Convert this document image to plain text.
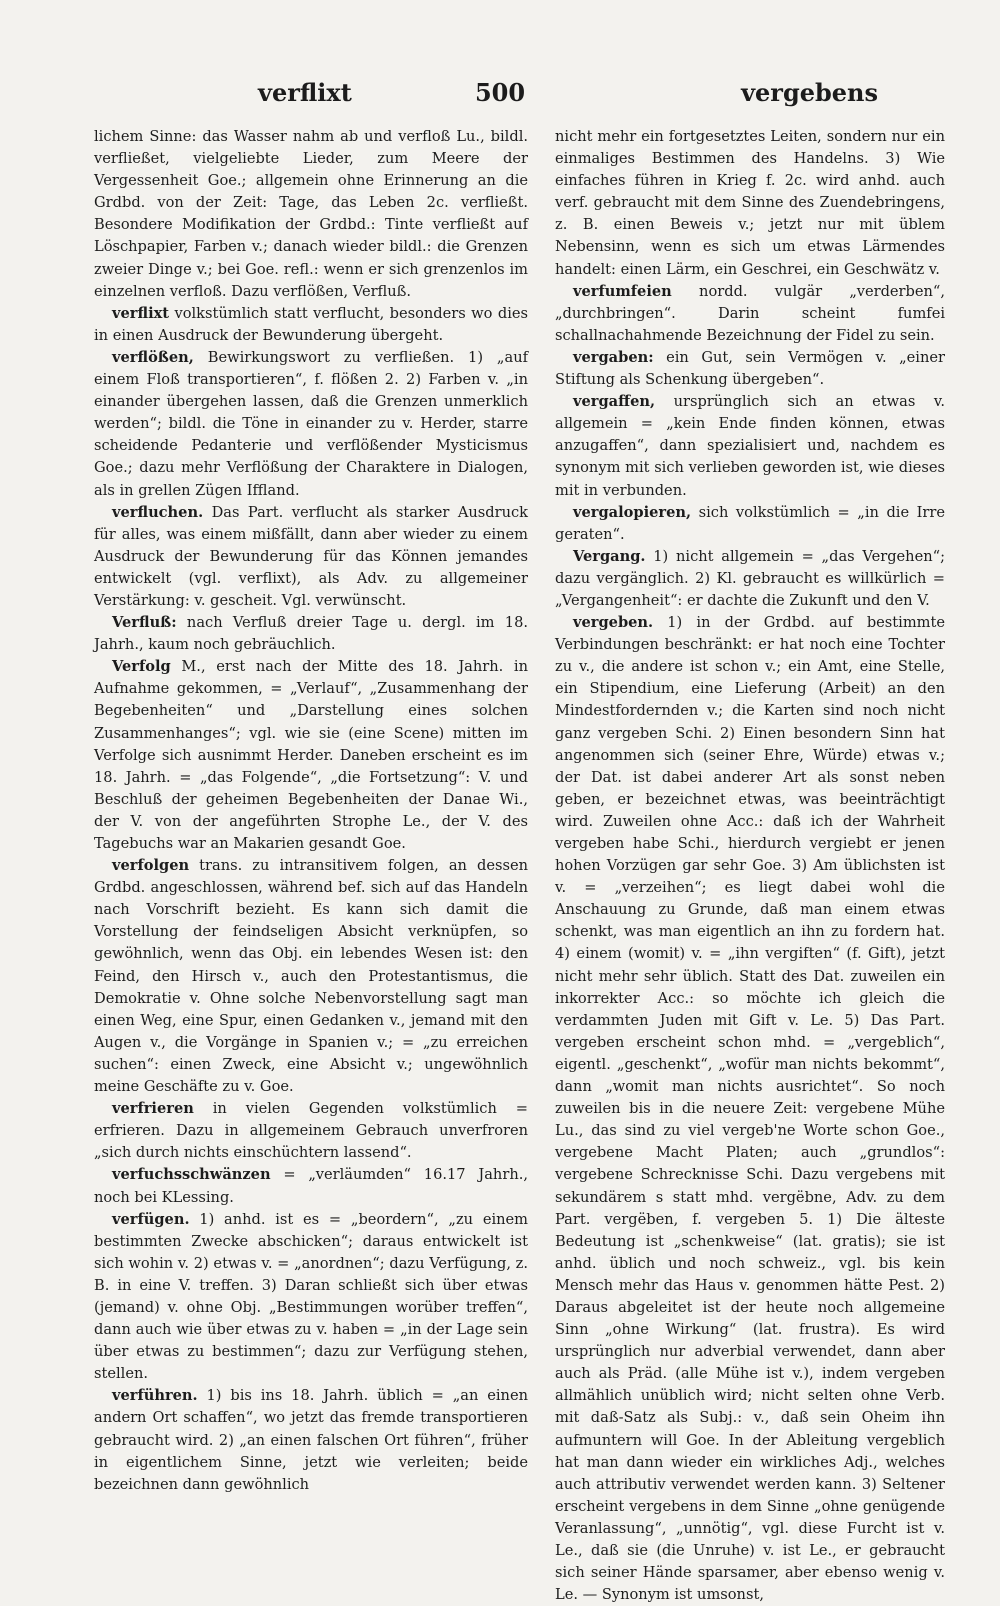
verflixt	500	vergebens

lichem Sinne: das Wasser nahm ab und verfloß Lu., bildl. verfließet, vielgeliebte Lieder, zum Meere der Vergessenheit Goe.; allgemein ohne Erinnerung an die Grdbd. von der Zeit: Tage, das Leben 2c. verfließt. Besondere Modifikation der Grdbd.: Tinte verfließt auf Löschpapier, Farben v.; danach wieder bildl.: die Grenzen zweier Dinge v.; bei Goe. refl.: wenn er sich grenzenlos im einzelnen verfloß. Dazu verflößen, Verfluß.

verflixt volkstümlich statt verflucht, besonders wo dies in einen Ausdruck der Bewunderung übergeht.

verflößen, Bewirkungswort zu verfließen. 1) „auf einem Floß transportieren“, f. flößen 2. 2) Farben v. „in einander übergehen lassen, daß die Grenzen unmerklich werden“; bildl. die Töne in einander zu v. Herder, starre scheidende Pedanterie und verflößender Mysticismus Goe.; dazu mehr Verflößung der Charaktere in Dialogen, als in grellen Zügen Iffland.

verfluchen. Das Part. verflucht als starker Ausdruck für alles, was einem mißfällt, dann aber wieder zu einem Ausdruck der Bewunderung für das Können jemandes entwickelt (vgl. verflixt), als Adv. zu allgemeiner Verstärkung: v. gescheit. Vgl. verwünscht.

Verfluß: nach Verfluß dreier Tage u. dergl. im 18. Jahrh., kaum noch gebräuchlich.

Verfolg M., erst nach der Mitte des 18. Jahrh. in Aufnahme gekommen, = „Verlauf“, „Zusammenhang der Begebenheiten“ und „Darstellung eines solchen Zusammenhanges“; vgl. wie sie (eine Scene) mitten im Verfolge sich ausnimmt Herder. Daneben erscheint es im 18. Jahrh. = „das Folgende“, „die Fortsetzung“: V. und Beschluß der geheimen Begebenheiten der Danae Wi., der V. von der angeführten Strophe Le., der V. des Tagebuchs war an Makarien gesandt Goe.

verfolgen trans. zu intransitivem folgen, an dessen Grdbd. angeschlossen, während bef. sich auf das Handeln nach Vorschrift bezieht. Es kann sich damit die Vorstellung der feindseligen Absicht verknüpfen, so gewöhnlich, wenn das Obj. ein lebendes Wesen ist: den Feind, den Hirsch v., auch den Protestantismus, die Demokratie v. Ohne solche Nebenvorstellung sagt man einen Weg, eine Spur, einen Gedanken v., jemand mit den Augen v., die Vorgänge in Spanien v.; = „zu erreichen suchen“: einen Zweck, eine Absicht v.; ungewöhnlich meine Geschäfte zu v. Goe.

verfrieren in vielen Gegenden volkstümlich = erfrieren. Dazu in allgemeinem Gebrauch unverfroren „sich durch nichts einschüchtern lassend“.

verfuchsschwänzen = „verläumden“ 16.17 Jahrh., noch bei KLessing.

verfügen. 1) anhd. ist es = „beordern“, „zu einem bestimmten Zwecke abschicken“; daraus entwickelt ist sich wohin v. 2) etwas v. = „anordnen“; dazu Verfügung, z. B. in eine V. treffen. 3) Daran schließt sich über etwas (jemand) v. ohne Obj. „Bestimmungen worüber treffen“, dann auch wie über etwas zu v. haben = „in der Lage sein über etwas zu bestimmen“; dazu zur Verfügung stehen, stellen.

verführen. 1) bis ins 18. Jahrh. üblich = „an einen andern Ort schaffen“, wo jetzt das fremde transportieren gebraucht wird. 2) „an einen falschen Ort führen“, früher in eigentlichem Sinne, jetzt wie verleiten; beide bezeichnen dann gewöhnlich

nicht mehr ein fortgesetztes Leiten, sondern nur ein einmaliges Bestimmen des Handelns. 3) Wie einfaches führen in Krieg f. 2c. wird anhd. auch verf. gebraucht mit dem Sinne des Zuendebringens, z. B. einen Beweis v.; jetzt nur mit üblem Nebensinn, wenn es sich um etwas Lärmendes handelt: einen Lärm, ein Geschrei, ein Geschwätz v.

verfumfeien nordd. vulgär „verderben“, „durchbringen“. Darin scheint fumfei schallnachahmende Bezeichnung der Fidel zu sein.

vergaben: ein Gut, sein Vermögen v. „einer Stiftung als Schenkung übergeben“.

vergaffen, ursprünglich sich an etwas v. allgemein = „kein Ende finden können, etwas anzugaffen“, dann spezialisiert und, nachdem es synonym mit sich verlieben geworden ist, wie dieses mit in verbunden.

vergalopieren, sich volkstümlich = „in die Irre geraten“.

Vergang. 1) nicht allgemein = „das Vergehen“; dazu vergänglich. 2) Kl. gebraucht es willkürlich = „Vergangenheit“: er dachte die Zukunft und den V.

vergeben. 1) in der Grdbd. auf bestimmte Verbindungen beschränkt: er hat noch eine Tochter zu v., die andere ist schon v.; ein Amt, eine Stelle, ein Stipendium, eine Lieferung (Arbeit) an den Mindestfordernden v.; die Karten sind noch nicht ganz vergeben Schi. 2) Einen besondern Sinn hat angenommen sich (seiner Ehre, Würde) etwas v.; der Dat. ist dabei anderer Art als sonst neben geben, er bezeichnet etwas, was beeinträchtigt wird. Zuweilen ohne Acc.: daß ich der Wahrheit vergeben habe Schi., hierdurch vergiebt er jenen hohen Vorzügen gar sehr Goe. 3) Am üblichsten ist v. = „verzeihen“; es liegt dabei wohl die Anschauung zu Grunde, daß man einem etwas schenkt, was man eigentlich an ihn zu fordern hat. 4) einem (womit) v. = „ihn vergiften“ (f. Gift), jetzt nicht mehr sehr üblich. Statt des Dat. zuweilen ein inkorrekter Acc.: so möchte ich gleich die verdammten Juden mit Gift v. Le. 5) Das Part. vergeben erscheint schon mhd. = „vergeblich“, eigentl. „geschenkt“, „wofür man nichts bekommt“, dann „womit man nichts ausrichtet“. So noch zuweilen bis in die neuere Zeit: vergebene Mühe Lu., das sind zu viel vergeb'ne Worte schon Goe., vergebene Macht Platen; auch „grundlos“: vergebene Schrecknisse Schi. Dazu vergebens mit sekundärem s statt mhd. vergëbne, Adv. zu dem Part. vergëben, f. vergeben 5. 1) Die älteste Bedeutung ist „schenkweise“ (lat. gratis); sie ist anhd. üblich und noch schweiz., vgl. bis kein Mensch mehr das Haus v. genommen hätte Pest. 2) Daraus abgeleitet ist der heute noch allgemeine Sinn „ohne Wirkung“ (lat. frustra). Es wird ursprünglich nur adverbial verwendet, dann aber auch als Präd. (alle Mühe ist v.), indem vergeben allmählich unüblich wird; nicht selten ohne Verb. mit daß-Satz als Subj.: v., daß sein Oheim ihn aufmuntern will Goe. In der Ableitung vergeblich hat man dann wieder ein wirkliches Adj., welches auch attributiv verwendet werden kann. 3) Seltener erscheint vergebens in dem Sinne „ohne genügende Veranlassung“, „unnötig“, vgl. diese Furcht ist v. Le., daß sie (die Unruhe) v. ist Le., er gebraucht sich seiner Hände sparsamer, aber ebenso wenig v. Le. — Synonym ist umsonst,
